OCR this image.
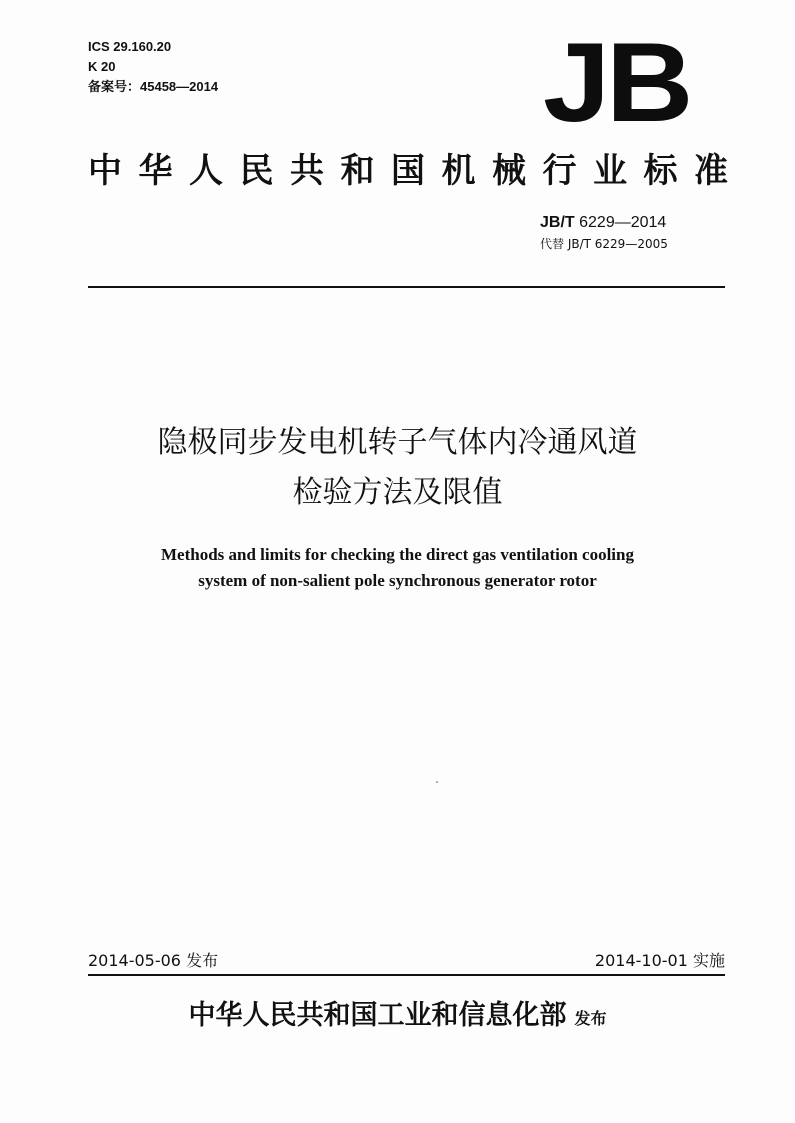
ICS 29.160.20
K 20
备案号：45458—2014	JB
中 华 人 民 共 和 国 机 械 行 业 标 准
JB/T 6229—2014
代替 JB/T 6229—2005
隐极同步发电机转子气体内冷通风道
检验方法及限值
Methods and limits for checking the direct gas ventilation cooling
system of non-salient pole synchronous generator rotor
2014-05-06 发布	2014-10-01 实施
中华人民共和国工业和信息化部 发布
